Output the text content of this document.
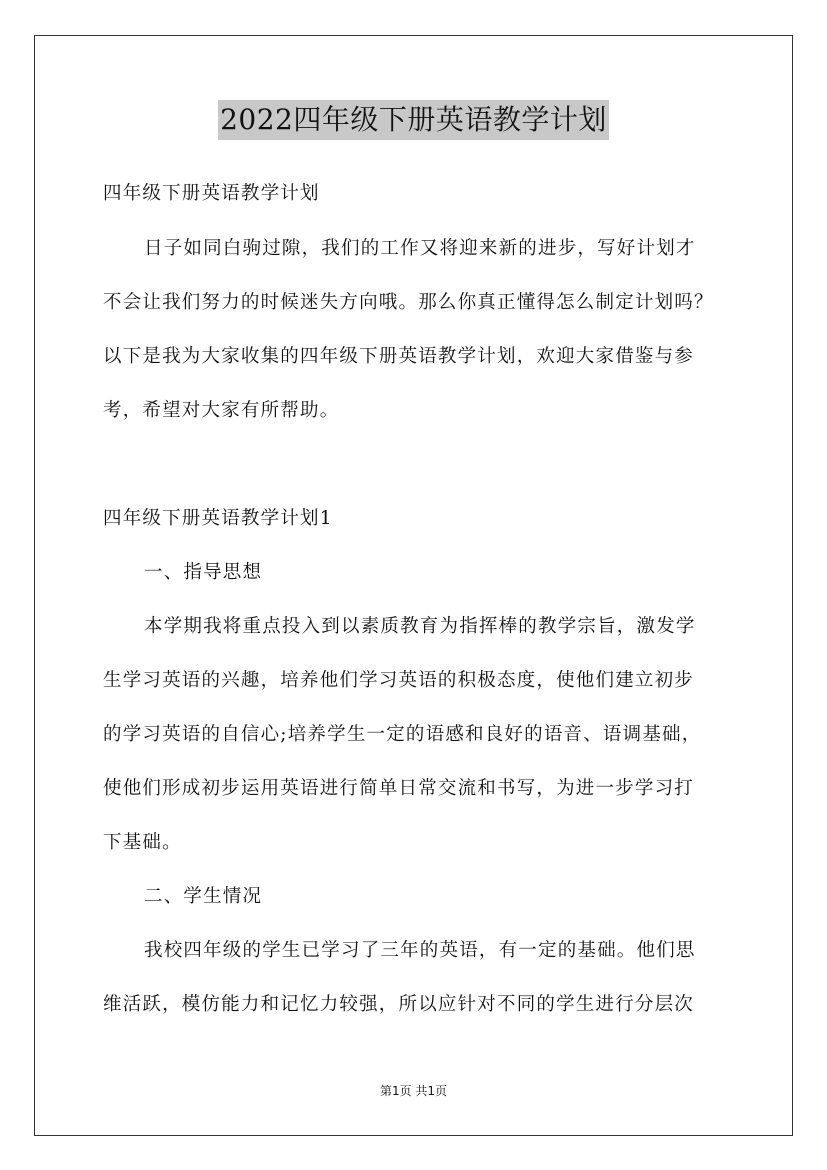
2022四年级下册英语教学计划
四年级下册英语教学计划
日子如同白驹过隙，我们的工作又将迎来新的进步，写好计划才
不会让我们努力的时候迷失方向哦。那么你真正懂得怎么制定计划吗？
以下是我为大家收集的四年级下册英语教学计划，欢迎大家借鉴与参
考，希望对大家有所帮助。
四年级下册英语教学计划1
一、指导思想
本学期我将重点投入到以素质教育为指挥棒的教学宗旨，激发学
生学习英语的兴趣，培养他们学习英语的积极态度，使他们建立初步
的学习英语的自信心;培养学生一定的语感和良好的语音、语调基础，
使他们形成初步运用英语进行简单日常交流和书写，为进一步学习打
下基础。
二、学生情况
我校四年级的学生已学习了三年的英语，有一定的基础。他们思
维活跃，模仿能力和记忆力较强，所以应针对不同的学生进行分层次
第1页 共1页
